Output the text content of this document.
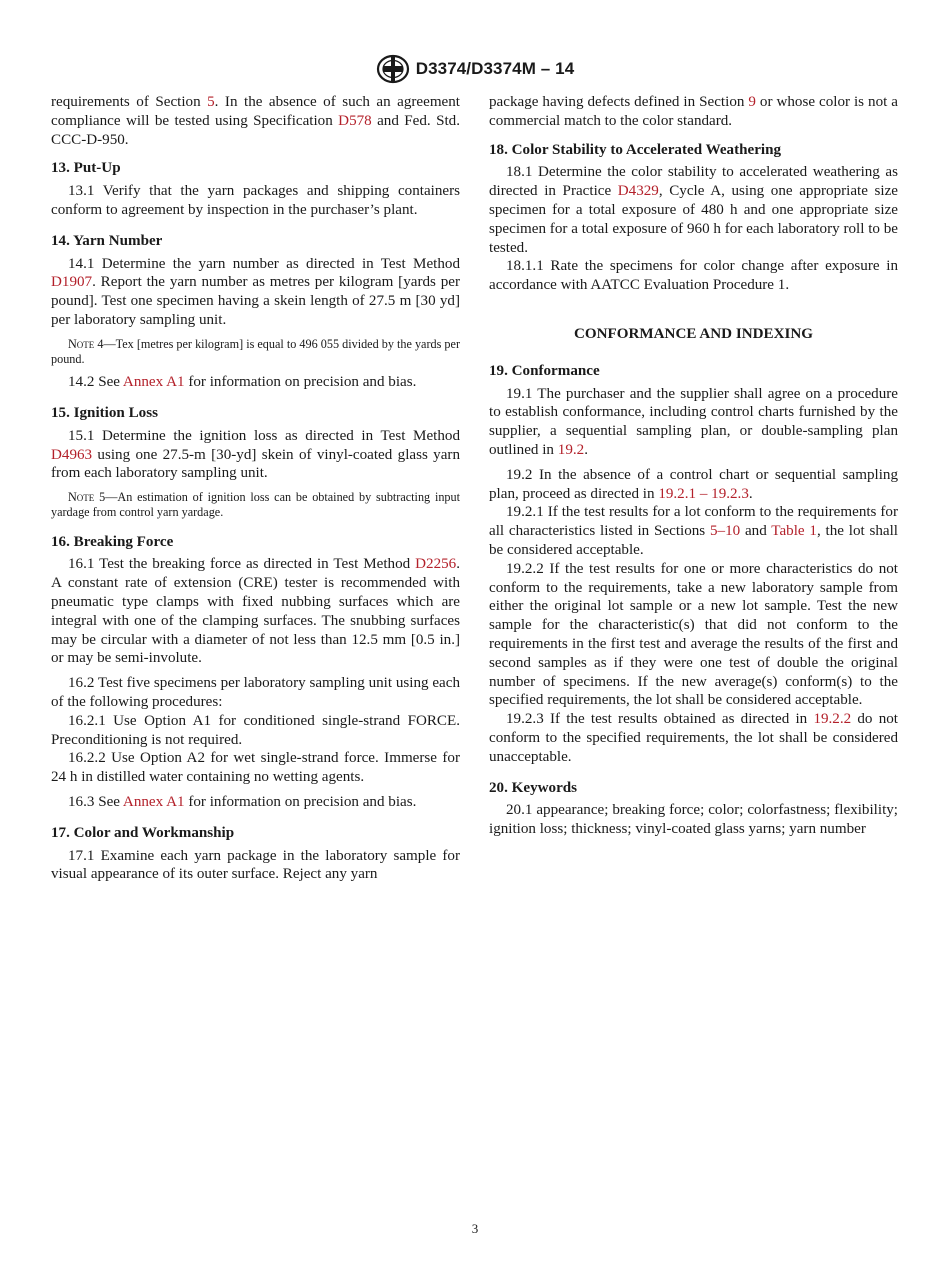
D3374/D3374M – 14

requirements of Section 5. In the absence of such an agreement compliance will be tested using Specification D578 and Fed. Std. CCC-D-950.

13. Put-Up

13.1 Verify that the yarn packages and shipping containers conform to agreement by inspection in the purchaser’s plant.

14. Yarn Number

14.1 Determine the yarn number as directed in Test Method D1907. Report the yarn number as metres per kilogram [yards per pound]. Test one specimen having a skein length of 27.5 m [30 yd] per laboratory sampling unit.

Note 4—Tex [metres per kilogram] is equal to 496 055 divided by the yards per pound.

14.2 See Annex A1 for information on precision and bias.

15. Ignition Loss

15.1 Determine the ignition loss as directed in Test Method D4963 using one 27.5-m [30-yd] skein of vinyl-coated glass yarn from each laboratory sampling unit.

Note 5—An estimation of ignition loss can be obtained by subtracting input yardage from control yarn yardage.

16. Breaking Force

16.1 Test the breaking force as directed in Test Method D2256. A constant rate of extension (CRE) tester is recommended with pneumatic type clamps with fixed nubbing surfaces which are integral with one of the clamping surfaces. The snubbing surfaces may be circular with a diameter of not less than 12.5 mm [0.5 in.] or may be semi-involute.

16.2 Test five specimens per laboratory sampling unit using each of the following procedures:

16.2.1 Use Option A1 for conditioned single-strand FORCE. Preconditioning is not required.

16.2.2 Use Option A2 for wet single-strand force. Immerse for 24 h in distilled water containing no wetting agents.

16.3 See Annex A1 for information on precision and bias.

17. Color and Workmanship

17.1 Examine each yarn package in the laboratory sample for visual appearance of its outer surface. Reject any yarn

package having defects defined in Section 9 or whose color is not a commercial match to the color standard.

18. Color Stability to Accelerated Weathering

18.1 Determine the color stability to accelerated weathering as directed in Practice D4329, Cycle A, using one appropriate size specimen for a total exposure of 480 h and one appropriate size specimen for a total exposure of 960 h for each laboratory roll to be tested.

18.1.1 Rate the specimens for color change after exposure in accordance with AATCC Evaluation Procedure 1.

CONFORMANCE AND INDEXING
19. Conformance

19.1 The purchaser and the supplier shall agree on a procedure to establish conformance, including control charts furnished by the supplier, a sequential sampling plan, or double-sampling plan outlined in 19.2.

19.2 In the absence of a control chart or sequential sampling plan, proceed as directed in 19.2.1 – 19.2.3.

19.2.1 If the test results for a lot conform to the requirements for all characteristics listed in Sections 5–10 and Table 1, the lot shall be considered acceptable.

19.2.2 If the test results for one or more characteristics do not conform to the requirements, take a new laboratory sample from either the original lot sample or a new lot sample. Test the new sample for the characteristic(s) that did not conform to the requirements in the first test and average the results of the first and second samples as if they were one test of double the original number of specimens. If the new average(s) conform(s) to the specified requirements, the lot shall be considered acceptable.

19.2.3 If the test results obtained as directed in 19.2.2 do not conform to the specified requirements, the lot shall be considered unacceptable.

20. Keywords

20.1 appearance; breaking force; color; colorfastness; flexibility; ignition loss; thickness; vinyl-coated glass yarns; yarn number

3
